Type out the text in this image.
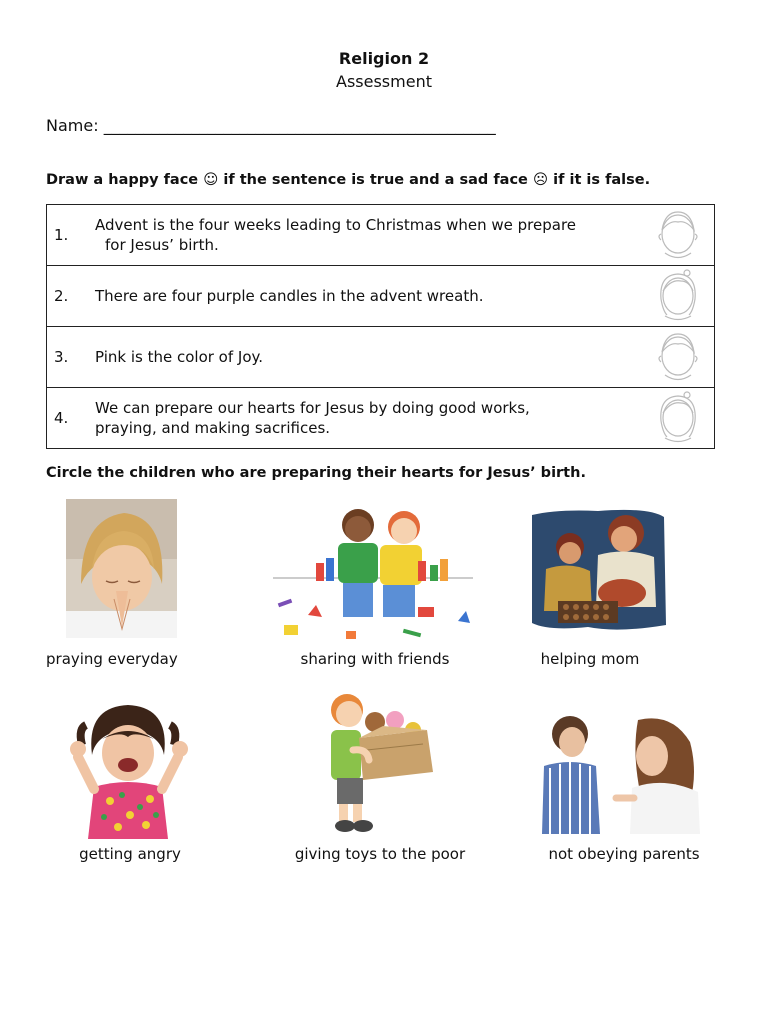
Religion 2
Assessment
Name: _________________________________________________
Draw a happy face ☺ if the sentence is true and a sad face ☹ if it is false.
1.	Advent is the four weeks leading to Christmas when we prepare
for Jesus’ birth.

2.	There are four purple candles in the advent wreath.	
3.	Pink is the color of Joy.	
4.	We can prepare our hearts for Jesus by doing good works,
praying, and making sacrifices.	
Circle the children who are preparing their hearts for Jesus’ birth.
praying everyday	sharing with friends	helping mom
getting angry	giving toys to the poor	not obeying parents
